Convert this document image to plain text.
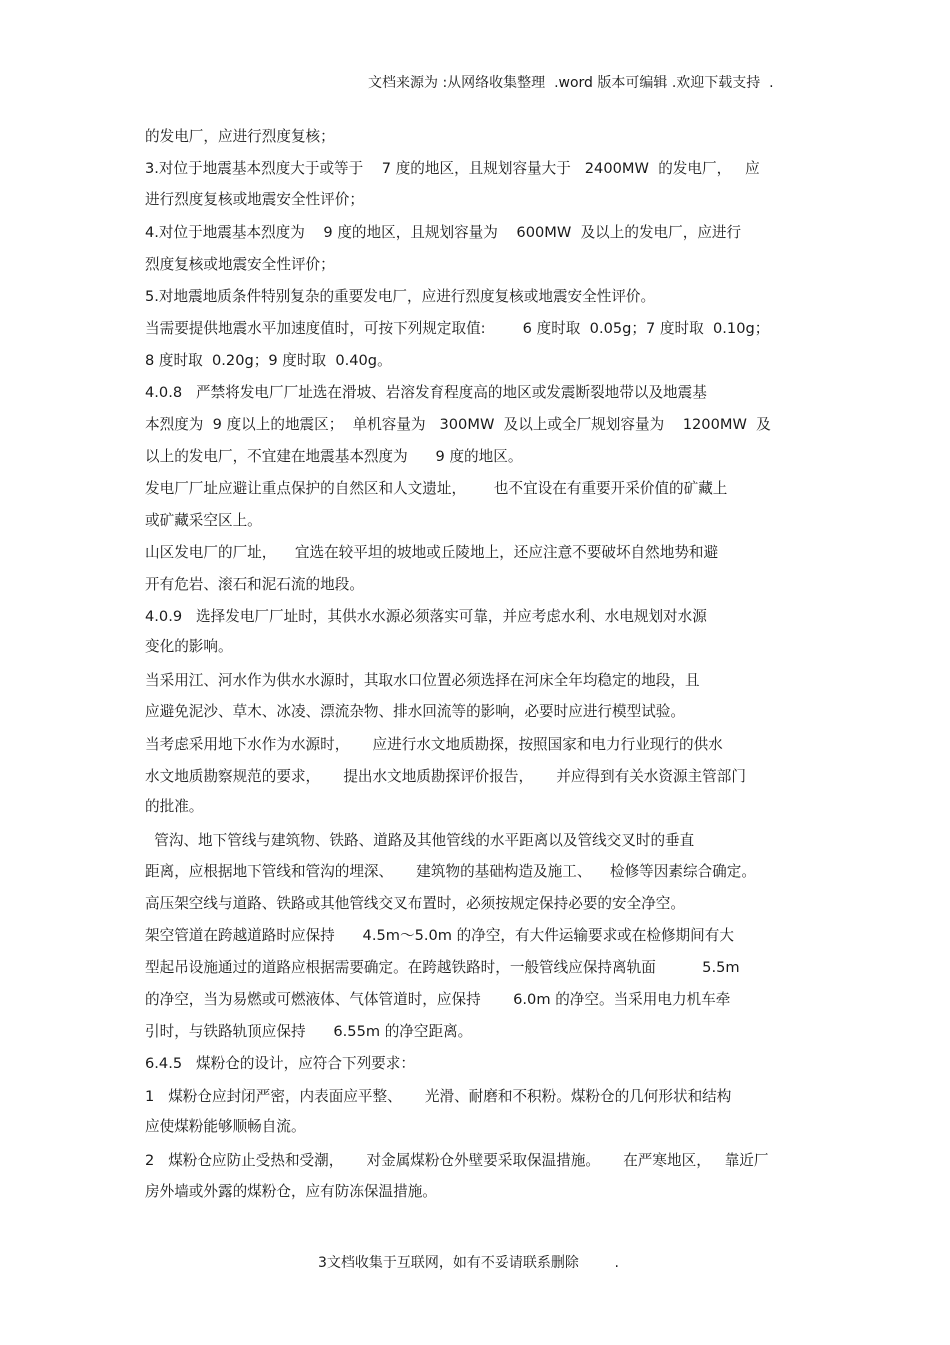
文档来源为 :从网络收集整理  .word 版本可编辑 .欢迎下载支持  .
的发电厂，应进行烈度复核；
3.对位于地震基本烈度大于或等于    7 度的地区，且规划容量大于   2400MW  的发电厂，   应
进行烈度复核或地震安全性评价；
4.对位于地震基本烈度为    9 度的地区，且规划容量为    600MW  及以上的发电厂，应进行
烈度复核或地震安全性评价；
5.对地震地质条件特别复杂的重要发电厂，应进行烈度复核或地震安全性评价。
当需要提供地震水平加速度值时，可按下列规定取值:        6 度时取  0.05g；7 度时取  0.10g；
8 度时取  0.20g；9 度时取  0.40g。
4.0.8   严禁将发电厂厂址选在滑坡、岩溶发育程度高的地区或发震断裂地带以及地震基
本烈度为  9 度以上的地震区；  单机容量为   300MW  及以上或全厂规划容量为    1200MW  及
以上的发电厂，不宜建在地震基本烈度为      9 度的地区。
发电厂厂址应避让重点保护的自然区和人文遗址，      也不宜设在有重要开采价值的矿藏上
或矿藏采空区上。
山区发电厂的厂址，    宜选在较平坦的坡地或丘陵地上，还应注意不要破坏自然地势和避
开有危岩、滚石和泥石流的地段。
4.0.9   选择发电厂厂址时，其供水水源必须落实可靠，并应考虑水利、水电规划对水源
变化的影响。
当采用江、河水作为供水水源时，其取水口位置必须选择在河床全年均稳定的地段，且
应避免泥沙、草木、冰凌、漂流杂物、排水回流等的影响，必要时应进行模型试验。
当考虑采用地下水作为水源时，     应进行水文地质勘探，按照国家和电力行业现行的供水
水文地质勘察规范的要求，     提出水文地质勘探评价报告，     并应得到有关水资源主管部门
的批准。
管沟、地下管线与建筑物、铁路、道路及其他管线的水平距离以及管线交叉时的垂直
距离，应根据地下管线和管沟的埋深、     建筑物的基础构造及施工、    检修等因素综合确定。
高压架空线与道路、铁路或其他管线交叉布置时，必须按规定保持必要的安全净空。
架空管道在跨越道路时应保持      4.5m～5.0m 的净空，有大件运输要求或在检修期间有大
型起吊设施通过的道路应根据需要确定。在跨越铁路时，一般管线应保持离轨面          5.5m
的净空，当为易燃或可燃液体、气体管道时，应保持       6.0m 的净空。当采用电力机车牵
引时，与铁路轨顶应保持      6.55m 的净空距离。
6.4.5   煤粉仓的设计，应符合下列要求：
1   煤粉仓应封闭严密，内表面应平整、     光滑、耐磨和不积粉。煤粉仓的几何形状和结构
应使煤粉能够顺畅自流。
2   煤粉仓应防止受热和受潮，     对金属煤粉仓外壁要采取保温措施。     在严寒地区，   靠近厂
房外墙或外露的煤粉仓，应有防冻保温措施。
3文档收集于互联网，如有不妥请联系删除        .
